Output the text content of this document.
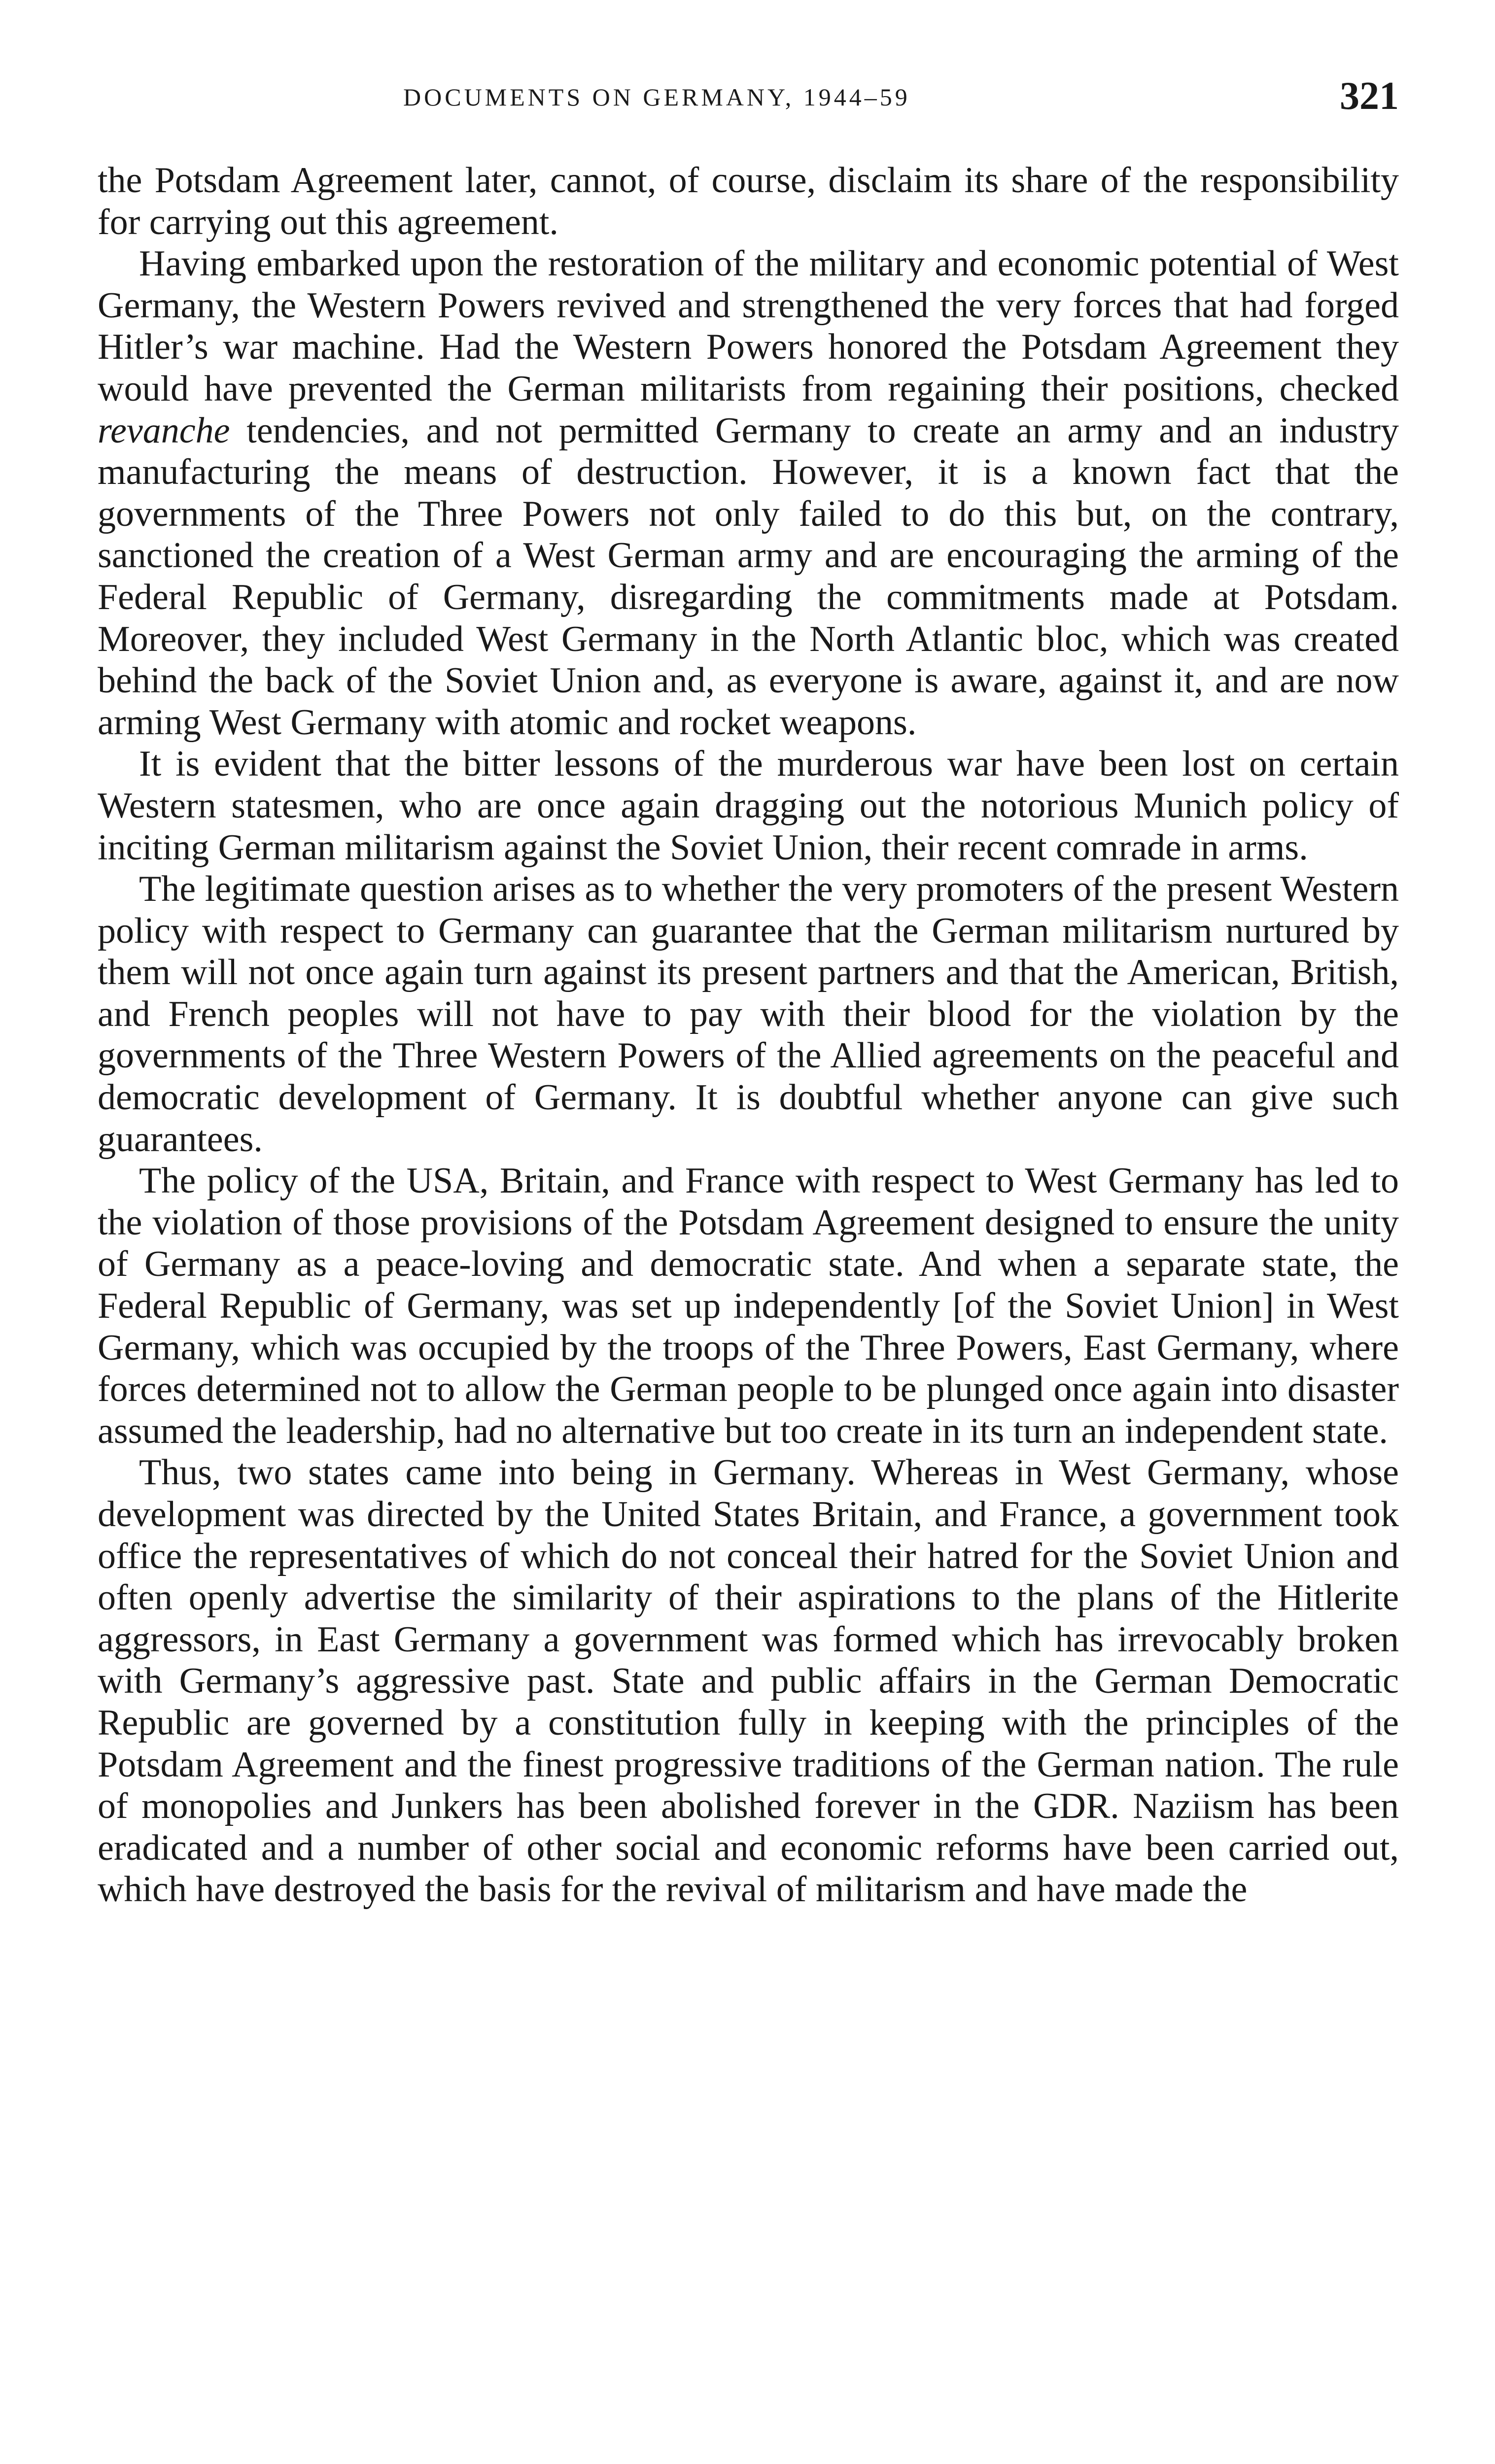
DOCUMENTS ON GERMANY, 1944–59	321

the Potsdam Agreement later, cannot, of course, disclaim its share of the responsibility for carrying out this agreement.

Having embarked upon the restoration of the military and economic potential of West Germany, the Western Powers revived and strengthened the very forces that had forged Hitler’s war machine. Had the Western Powers honored the Potsdam Agreement they would have prevented the German militarists from regaining their positions, checked revanche tendencies, and not permitted Germany to create an army and an industry manufacturing the means of destruction. However, it is a known fact that the governments of the Three Powers not only failed to do this but, on the contrary, sanctioned the creation of a West German army and are encouraging the arming of the Federal Republic of Germany, disregarding the commitments made at Potsdam. Moreover, they included West Germany in the North Atlantic bloc, which was created behind the back of the Soviet Union and, as everyone is aware, against it, and are now arming West Germany with atomic and rocket weapons.

It is evident that the bitter lessons of the murderous war have been lost on certain Western statesmen, who are once again dragging out the notorious Munich policy of inciting German militarism against the Soviet Union, their recent comrade in arms.

The legitimate question arises as to whether the very promoters of the present Western policy with respect to Germany can guarantee that the German militarism nurtured by them will not once again turn against its present partners and that the American, British, and French peoples will not have to pay with their blood for the violation by the governments of the Three Western Powers of the Allied agreements on the peaceful and democratic development of Germany. It is doubtful whether anyone can give such guarantees.

The policy of the USA, Britain, and France with respect to West Germany has led to the violation of those provisions of the Potsdam Agreement designed to ensure the unity of Germany as a peace-loving and democratic state. And when a separate state, the Federal Republic of Germany, was set up independently [of the Soviet Union] in West Germany, which was occupied by the troops of the Three Powers, East Germany, where forces determined not to allow the German people to be plunged once again into disaster assumed the leadership, had no alternative but too create in its turn an independent state.

Thus, two states came into being in Germany. Whereas in West Germany, whose development was directed by the United States Britain, and France, a government took office the representatives of which do not conceal their hatred for the Soviet Union and often openly advertise the similarity of their aspirations to the plans of the Hitlerite aggressors, in East Germany a government was formed which has irrevocably broken with Germany’s aggressive past. State and public affairs in the German Democratic Republic are governed by a constitution fully in keeping with the principles of the Potsdam Agreement and the finest progressive traditions of the German nation. The rule of monopolies and Junkers has been abolished forever in the GDR. Naziism has been eradicated and a number of other social and economic reforms have been carried out, which have destroyed the basis for the revival of militarism and have made the
